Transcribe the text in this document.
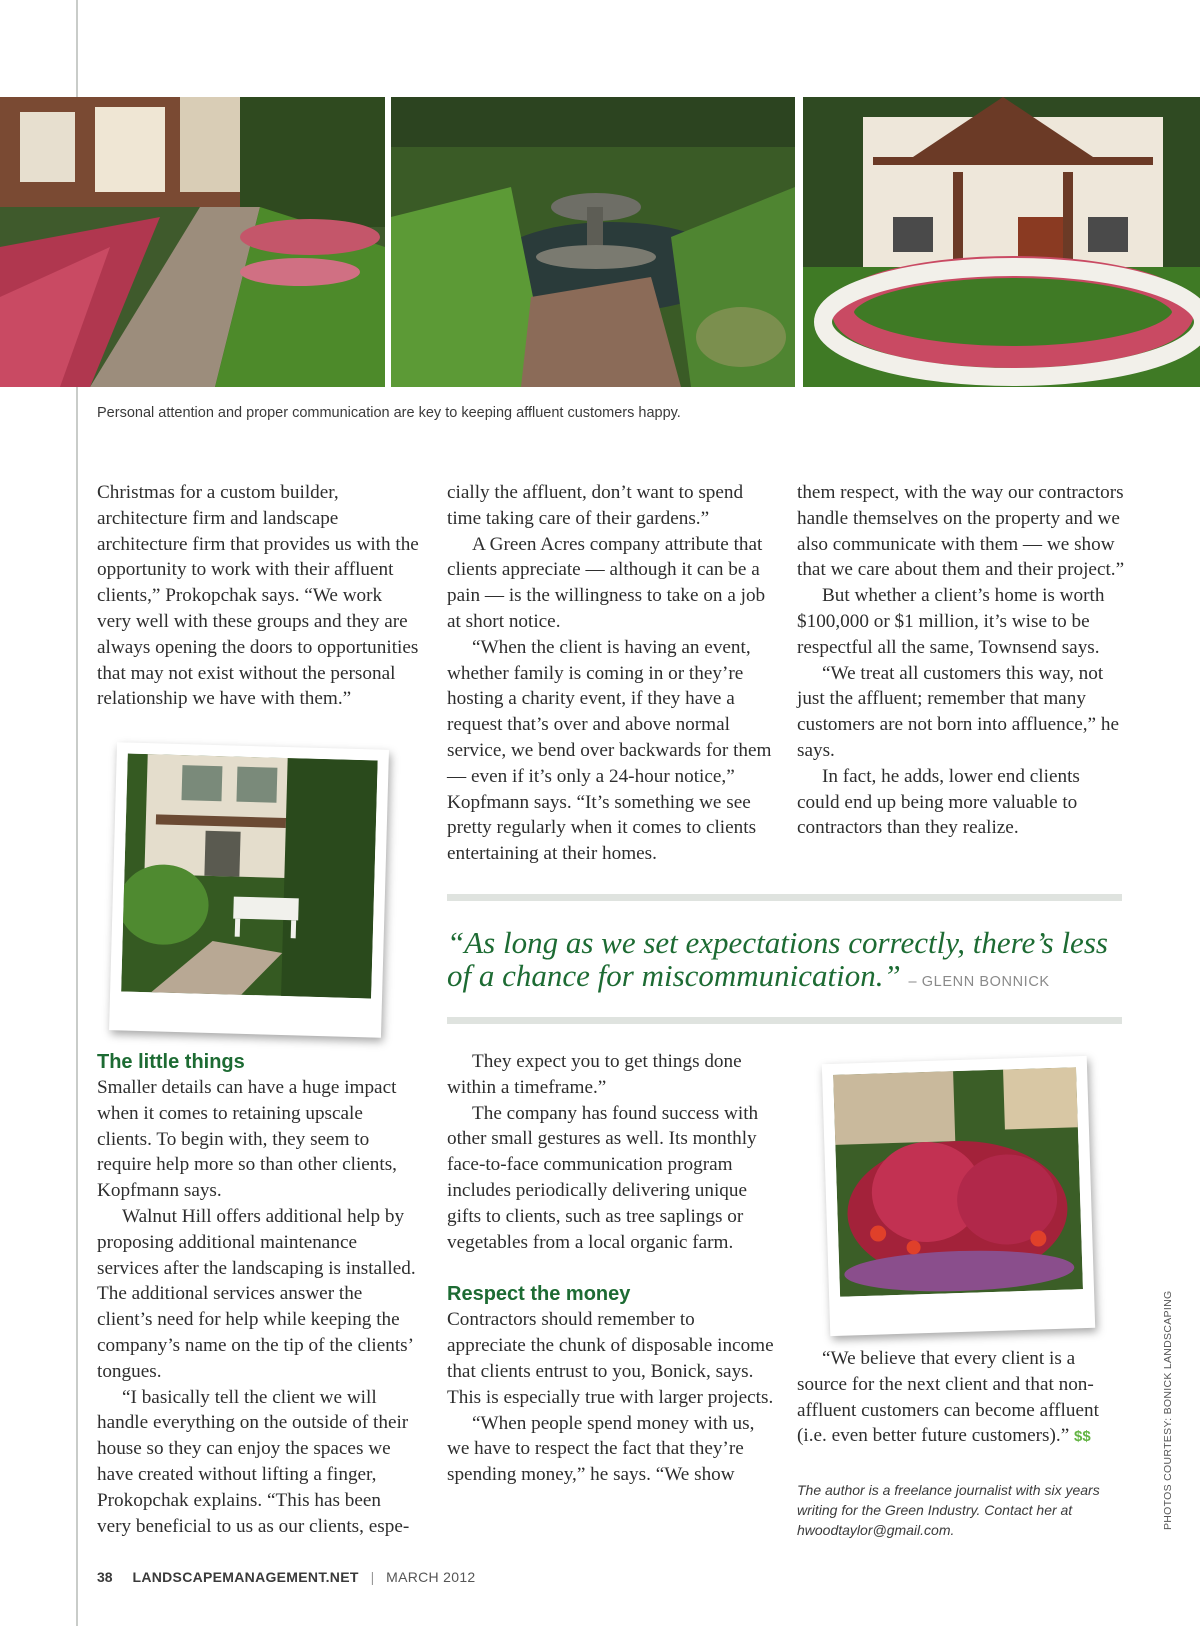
Personal attention and proper communication are key to keeping affluent customers happy.

Christmas for a custom builder, architecture firm and landscape architecture firm that provides us with the opportunity to work with their affluent clients,” Prokopchak says. “We work very well with these groups and they are always opening the doors to opportunities that may not exist without the personal relationship we have with them.”

cially the affluent, don’t want to spend time taking care of their gardens.”

A Green Acres company attribute that clients appreciate — although it can be a pain — is the willingness to take on a job at short notice.

“When the client is having an event, whether family is coming in or they’re hosting a charity event, if they have a request that’s over and above normal service, we bend over backwards for them — even if it’s only a 24-hour notice,” Kopfmann says. “It’s something we see pretty regularly when it comes to clients entertaining at their homes.

them respect, with the way our contractors handle themselves on the property and we also communicate with them — we show that we care about them and their project.”

But whether a client’s home is worth $100,000 or $1 million, it’s wise to be respectful all the same, Townsend says.

“We treat all customers this way, not just the affluent; remember that many customers are not born into affluence,” he says.

In fact, he adds, lower end clients could end up being more valuable to contractors than they realize.

“As long as we set expectations correctly, there’s less of a chance for miscommunication.” – GLENN BONNICK
The little things

Smaller details can have a huge impact when it comes to retaining upscale clients. To begin with, they seem to require help more so than other clients, Kopfmann says.

Walnut Hill offers additional help by proposing additional maintenance services after the landscaping is installed. The additional services answer the client’s need for help while keeping the company’s name on the tip of the clients’ tongues.

“I basically tell the client we will handle everything on the outside of their house so they can enjoy the spaces we have created without lifting a finger, Prokopchak explains. “This has been very beneficial to us as our clients, espe-

They expect you to get things done within a timeframe.”

The company has found success with other small gestures as well. Its monthly face-to-face communication program includes periodically delivering unique gifts to clients, such as tree saplings or vegetables from a local organic farm.

Respect the money

Contractors should remember to appreciate the chunk of disposable income that clients entrust to you, Bonick, says. This is especially true with larger projects.

“When people spend money with us, we have to respect the fact that they’re spending money,” he says. “We show

“We believe that every client is a source for the next client and that non-affluent customers can become affluent (i.e. even better future customers).” $$

The author is a freelance journalist with six years writing for the Green Industry. Contact her at hwoodtaylor@gmail.com.	PHOTOS COURTESY: BONICK LANDSCAPING
38 LANDSCAPEMANAGEMENT.NET | MARCH 2012
